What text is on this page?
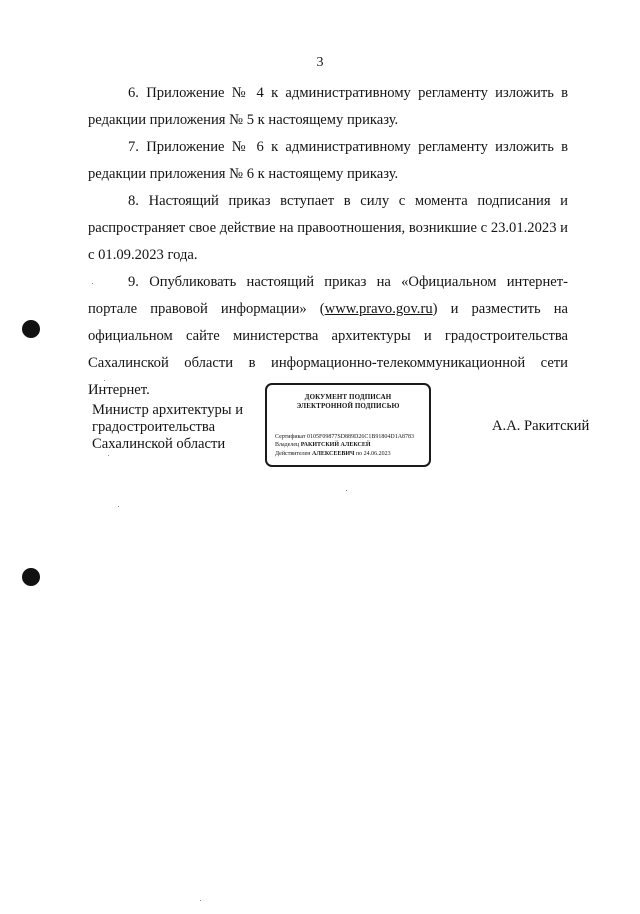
3

6. Приложение № 4 к административному регламенту изложить в редакции приложения № 5 к настоящему приказу.

7. Приложение № 6 к административному регламенту изложить в редакции приложения № 6 к настоящему приказу.

8. Настоящий приказ вступает в силу с момента подписания и распространяет свое действие на правоотношения, возникшие с 23.01.2023 и с 01.09.2023 года.

9. Опубликовать настоящий приказ на «Официальном интернет-портале правовой информации» (www.pravo.gov.ru) и разместить на официальном сайте министерства архитектуры и градостроительства Сахалинской области в информационно-телекоммуникационной сети Интернет.

Министр архитектуры и
градостроительства
Сахалинской области
ДОКУМЕНТ ПОДПИСАН
ЭЛЕКТРОННОЙ ПОДПИСЬЮ
Сертификат 0105F09877SD889D26C1B91804D1A8783
Владелец РАКИТСКИЙ АЛЕКСЕЙ
Действителен АЛЕКСЕЕВИЧ по 24.06.2023
А.А. Ракитский
